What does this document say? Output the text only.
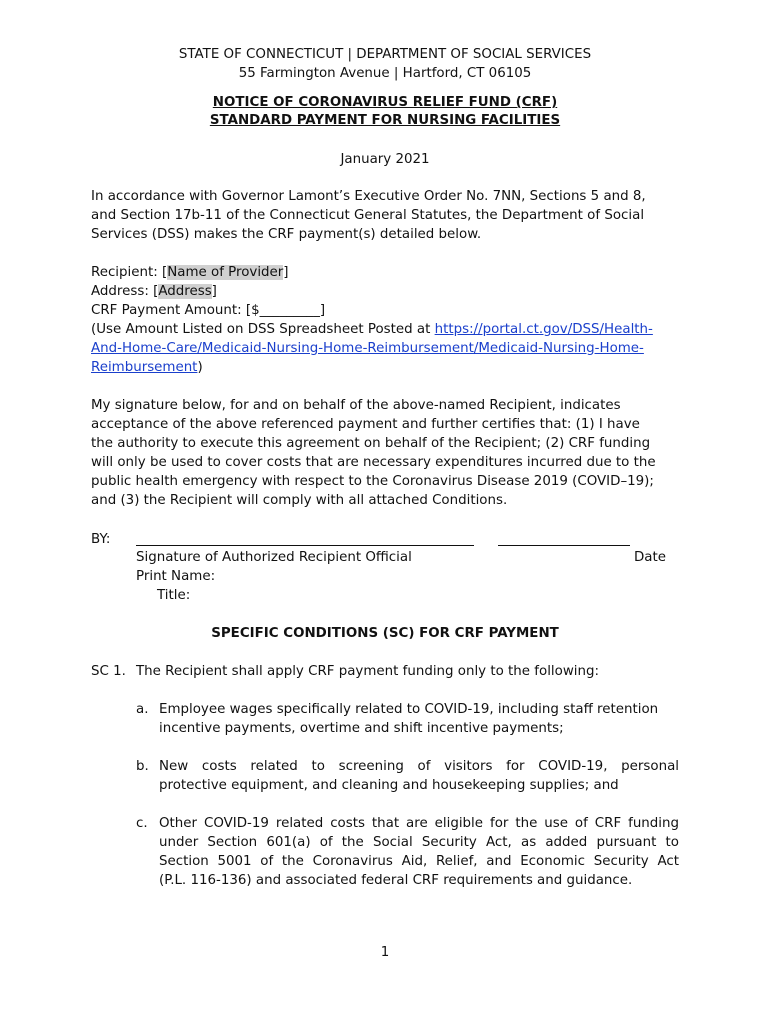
STATE OF CONNECTICUT | DEPARTMENT OF SOCIAL SERVICES
55 Farmington Avenue | Hartford, CT 06105
NOTICE OF CORONAVIRUS RELIEF FUND (CRF)
STANDARD PAYMENT FOR NURSING FACILITIES
January 2021
In accordance with Governor Lamont’s Executive Order No. 7NN, Sections 5 and 8,
and Section 17b-11 of the Connecticut General Statutes, the Department of Social
Services (DSS) makes the CRF payment(s) detailed below.
Recipient: [Name of Provider]
Address: [Address]
CRF Payment Amount: [$_________]
(Use Amount Listed on DSS Spreadsheet Posted at https://portal.ct.gov/DSS/Health-
And-Home-Care/Medicaid-Nursing-Home-Reimbursement/Medicaid-Nursing-Home-
Reimbursement)
My signature below, for and on behalf of the above-named Recipient, indicates
acceptance of the above referenced payment and further certifies that: (1) I have
the authority to execute this agreement on behalf of the Recipient; (2) CRF funding
will only be used to cover costs that are necessary expenditures incurred due to the
public health emergency with respect to the Coronavirus Disease 2019 (COVID–19);
and (3) the Recipient will comply with all attached Conditions.
BY:
Signature of Authorized Recipient Official	Date
Print Name:
Title:
SPECIFIC CONDITIONS (SC) FOR CRF PAYMENT
SC 1. The Recipient shall apply CRF payment funding only to the following:
a. Employee wages specifically related to COVID-19, including staff retention
incentive payments, overtime and shift incentive payments;
b. New costs related to screening of visitors for COVID-19, personal
protective equipment, and cleaning and housekeeping supplies; and
c. Other COVID-19 related costs that are eligible for the use of CRF funding
under Section 601(a) of the Social Security Act, as added pursuant to
Section 5001 of the Coronavirus Aid, Relief, and Economic Security Act
(P.L. 116-136) and associated federal CRF requirements and guidance.
1
